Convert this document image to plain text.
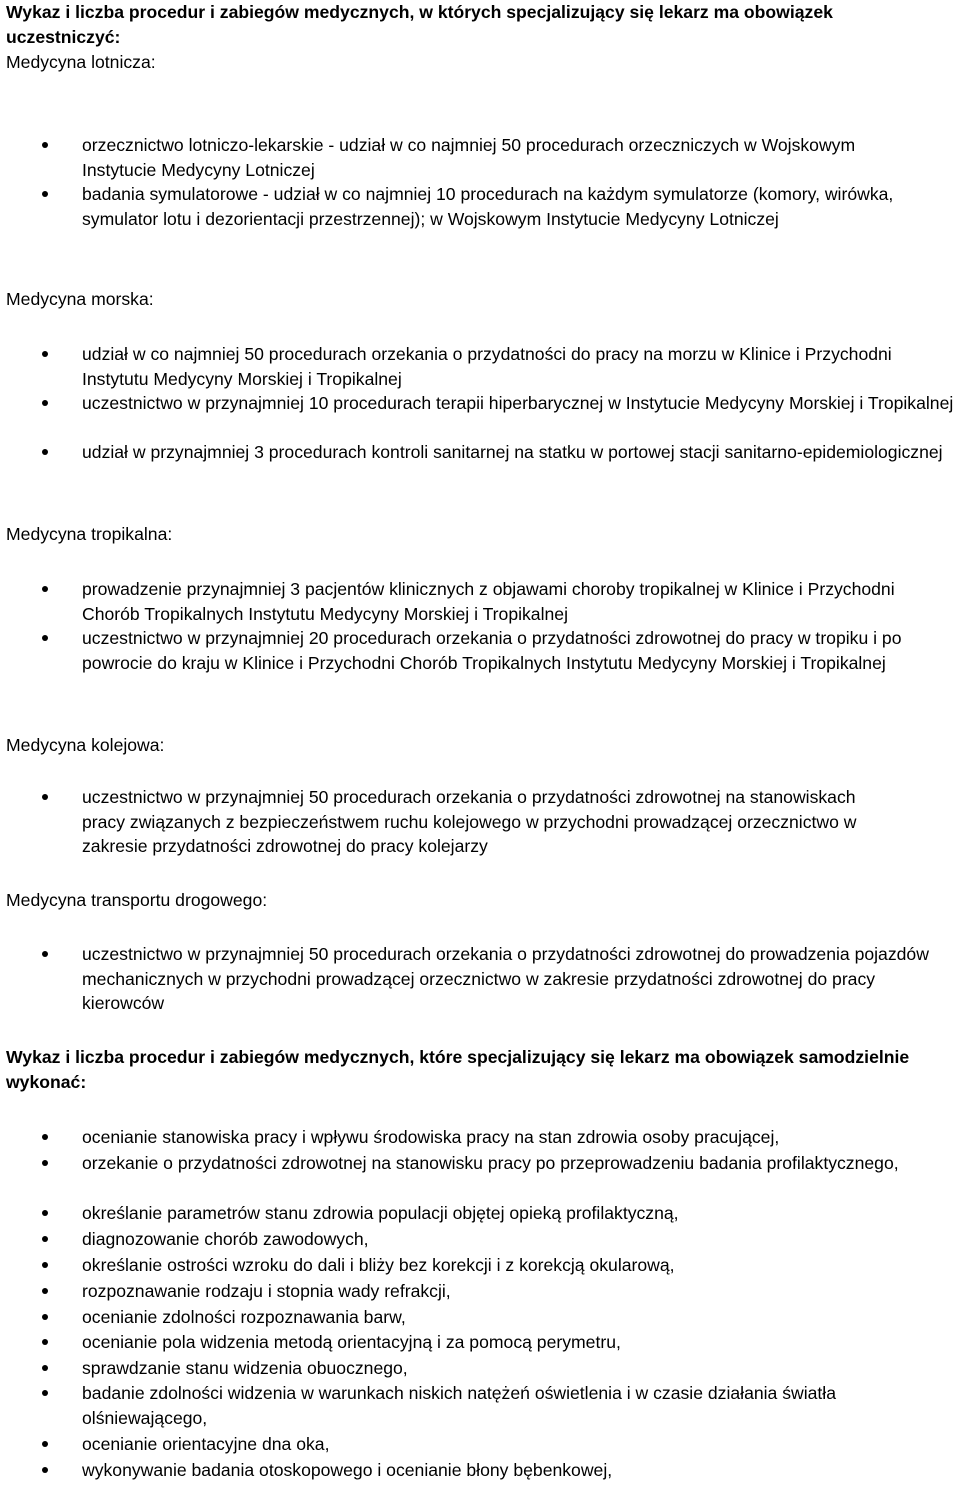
Wykaz i liczba procedur i zabiegów medycznych, w których specjalizujący się lekarz ma obowiązek uczestniczyć:
Medycyna lotnicza:
orzecznictwo lotniczo-lekarskie - udział w co najmniej 50 procedurach orzeczniczych w Wojskowym Instytucie Medycyny Lotniczej
badania symulatorowe - udział w co najmniej 10 procedurach na każdym symulatorze (komory, wirówka, symulator lotu i dezorientacji przestrzennej); w Wojskowym Instytucie Medycyny Lotniczej
Medycyna morska:
udział w co najmniej 50 procedurach orzekania o przydatności do pracy na morzu w Klinice i Przychodni Instytutu Medycyny Morskiej i Tropikalnej
uczestnictwo w przynajmniej 10 procedurach terapii hiperbarycznej w Instytucie Medycyny Morskiej i Tropikalnej
udział w przynajmniej 3 procedurach kontroli sanitarnej na statku w portowej stacji sanitarno-epidemiologicznej
Medycyna tropikalna:
prowadzenie przynajmniej 3 pacjentów klinicznych z objawami choroby tropikalnej w Klinice i Przychodni Chorób Tropikalnych Instytutu Medycyny Morskiej i Tropikalnej
uczestnictwo w przynajmniej 20 procedurach orzekania o przydatności zdrowotnej do pracy w tropiku i po powrocie do kraju w Klinice i Przychodni Chorób Tropikalnych Instytutu Medycyny Morskiej i Tropikalnej
Medycyna kolejowa:
uczestnictwo w przynajmniej 50 procedurach orzekania o przydatności zdrowotnej na stanowiskach pracy związanych z bezpieczeństwem ruchu kolejowego w przychodni prowadzącej orzecznictwo w zakresie przydatności zdrowotnej do pracy kolejarzy
Medycyna transportu drogowego:
uczestnictwo w przynajmniej 50 procedurach orzekania o przydatności zdrowotnej do prowadzenia pojazdów mechanicznych w przychodni prowadzącej orzecznictwo w zakresie przydatności zdrowotnej do pracy kierowców
Wykaz i liczba procedur i zabiegów medycznych, które specjalizujący się lekarz ma obowiązek samodzielnie wykonać:
ocenianie stanowiska pracy i wpływu środowiska pracy na stan zdrowia osoby pracującej,
orzekanie o przydatności zdrowotnej na stanowisku pracy po przeprowadzeniu badania profilaktycznego,
określanie parametrów stanu zdrowia populacji objętej opieką profilaktyczną,
diagnozowanie chorób zawodowych,
określanie ostrości wzroku do dali i bliży bez korekcji i z korekcją okularową,
rozpoznawanie rodzaju i stopnia wady refrakcji,
ocenianie zdolności rozpoznawania barw,
ocenianie pola widzenia metodą orientacyjną i za pomocą perymetru,
sprawdzanie stanu widzenia obuocznego,
badanie zdolności widzenia w warunkach niskich natężeń oświetlenia i w czasie działania światła olśniewającego,
ocenianie orientacyjne dna oka,
wykonywanie badania otoskopowego i ocenianie błony bębenkowej,
